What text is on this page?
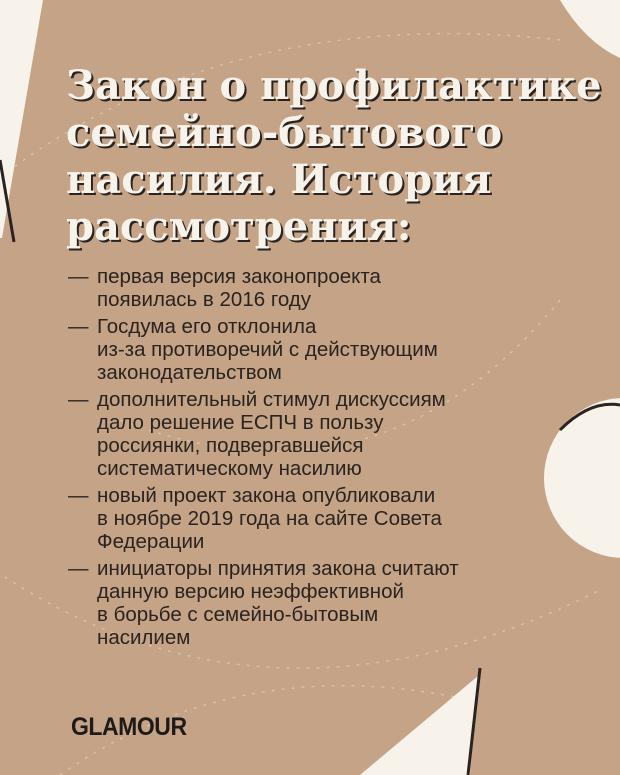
Закон о профилактике
семейно-бытового
насилия. История
рассмотрения:
— первая версия законопроекта
появилась в 2016 году
— Госдума его отклонила
из-за противоречий с действующим
законодательством
— дополнительный стимул дискуссиям
дало решение ЕСПЧ в пользу
россиянки, подвергавшейся
систематическому насилию
— новый проект закона опубликовали
в ноябре 2019 года на сайте Совета
Федерации
— инициаторы принятия закона считают
данную версию неэффективной
в борьбе с семейно-бытовым
насилием
GLAMOUR
